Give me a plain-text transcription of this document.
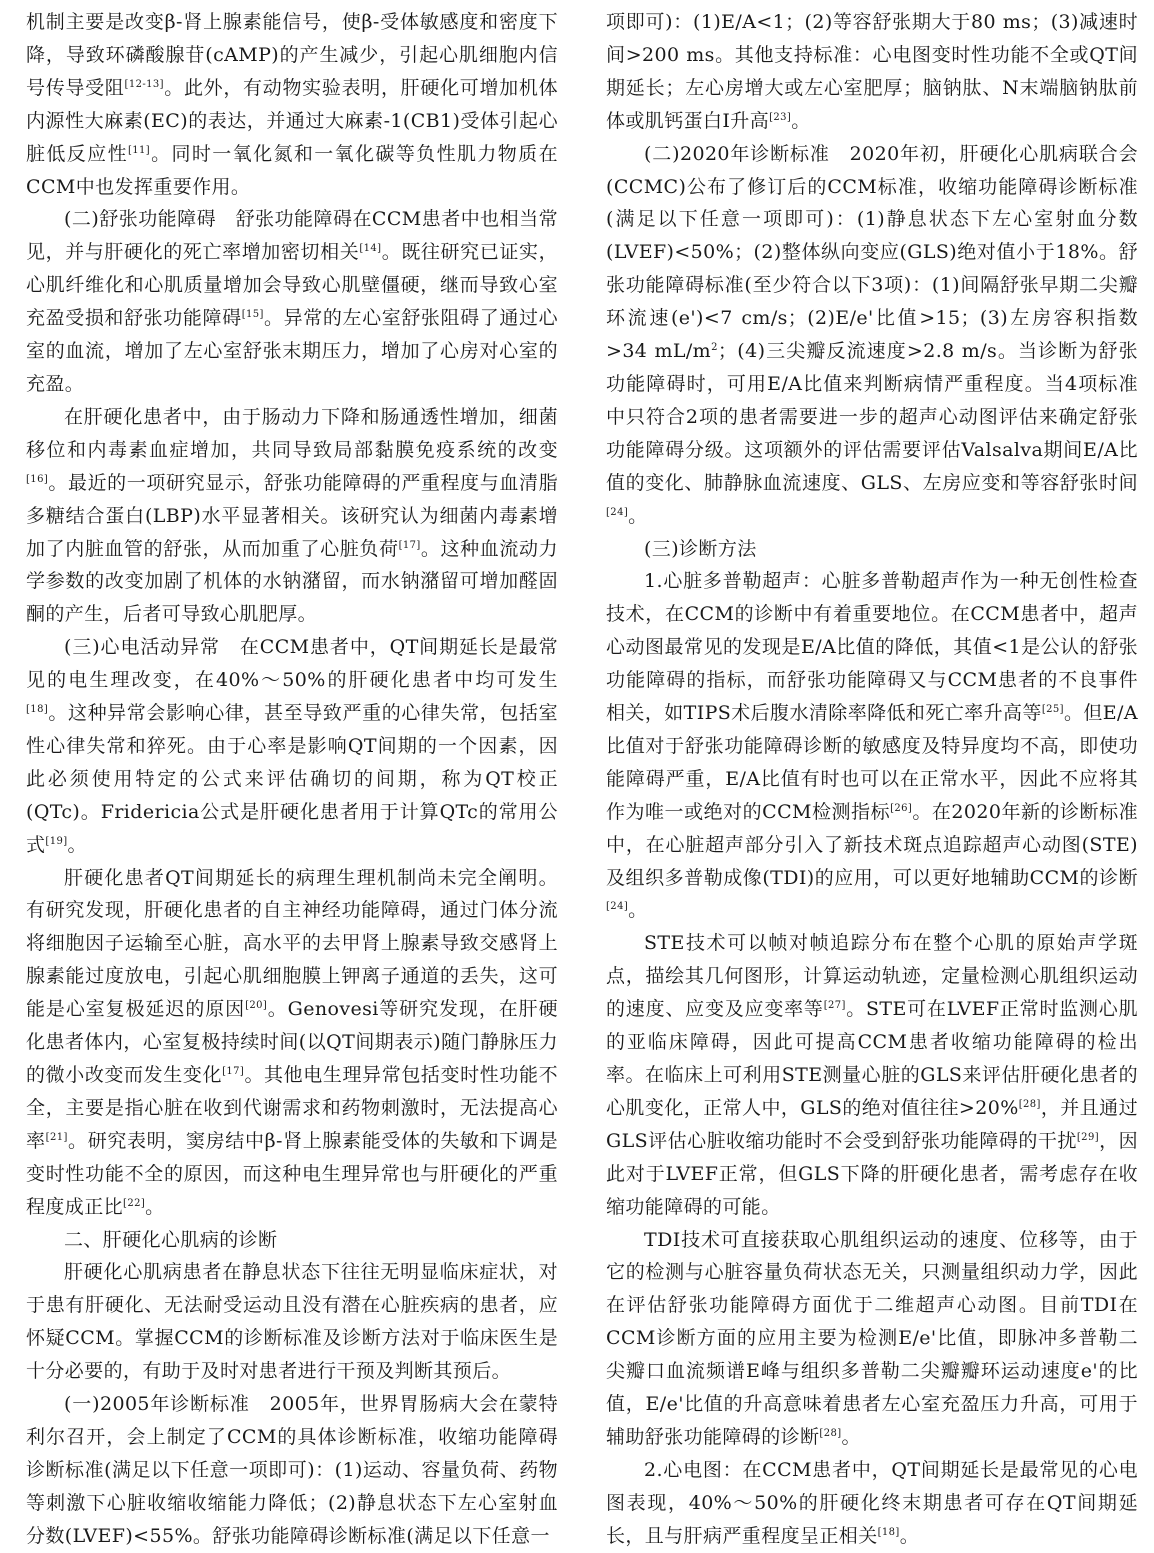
机制主要是改变β-肾上腺素能信号，使β-受体敏感度和密度下降，导致环磷酸腺苷(cAMP)的产生减少，引起心肌细胞内信号传导受阻[12-13]。此外，有动物实验表明，肝硬化可增加机体内源性大麻素(EC)的表达，并通过大麻素-1(CB1)受体引起心脏低反应性[11]。同时一氧化氮和一氧化碳等负性肌力物质在CCM中也发挥重要作用。

(二)舒张功能障碍　舒张功能障碍在CCM患者中也相当常见，并与肝硬化的死亡率增加密切相关[14]。既往研究已证实，心肌纤维化和心肌质量增加会导致心肌壁僵硬，继而导致心室充盈受损和舒张功能障碍[15]。异常的左心室舒张阻碍了通过心室的血流，增加了左心室舒张末期压力，增加了心房对心室的充盈。

在肝硬化患者中，由于肠动力下降和肠通透性增加，细菌移位和内毒素血症增加，共同导致局部黏膜免疫系统的改变[16]。最近的一项研究显示，舒张功能障碍的严重程度与血清脂多糖结合蛋白(LBP)水平显著相关。该研究认为细菌内毒素增加了内脏血管的舒张，从而加重了心脏负荷[17]。这种血流动力学参数的改变加剧了机体的水钠潴留，而水钠潴留可增加醛固酮的产生，后者可导致心肌肥厚。

(三)心电活动异常　在CCM患者中，QT间期延长是最常见的电生理改变，在40%～50%的肝硬化患者中均可发生[18]。这种异常会影响心律，甚至导致严重的心律失常，包括室性心律失常和猝死。由于心率是影响QT间期的一个因素，因此必须使用特定的公式来评估确切的间期，称为QT校正(QTc)。Fridericia公式是肝硬化患者用于计算QTc的常用公式[19]。

肝硬化患者QT间期延长的病理生理机制尚未完全阐明。有研究发现，肝硬化患者的自主神经功能障碍，通过门体分流将细胞因子运输至心脏，高水平的去甲肾上腺素导致交感肾上腺素能过度放电，引起心肌细胞膜上钾离子通道的丢失，这可能是心室复极延迟的原因[20]。Genovesi等研究发现，在肝硬化患者体内，心室复极持续时间(以QT间期表示)随门静脉压力的微小改变而发生变化[17]。其他电生理异常包括变时性功能不全，主要是指心脏在收到代谢需求和药物刺激时，无法提高心率[21]。研究表明，窦房结中β-肾上腺素能受体的失敏和下调是变时性功能不全的原因，而这种电生理异常也与肝硬化的严重程度成正比[22]。

二、肝硬化心肌病的诊断

肝硬化心肌病患者在静息状态下往往无明显临床症状，对于患有肝硬化、无法耐受运动且没有潜在心脏疾病的患者，应怀疑CCM。掌握CCM的诊断标准及诊断方法对于临床医生是十分必要的，有助于及时对患者进行干预及判断其预后。

(一)2005年诊断标准　2005年，世界胃肠病大会在蒙特利尔召开，会上制定了CCM的具体诊断标准，收缩功能障碍诊断标准(满足以下任意一项即可)：(1)运动、容量负荷、药物等刺激下心脏收缩收缩能力降低；(2)静息状态下左心室射血分数(LVEF)<55%。舒张功能障碍诊断标准(满足以下任意一

项即可)：(1)E/A<1；(2)等容舒张期大于80 ms；(3)减速时间>200 ms。其他支持标准：心电图变时性功能不全或QT间期延长；左心房增大或左心室肥厚；脑钠肽、N末端脑钠肽前体或肌钙蛋白I升高[23]。

(二)2020年诊断标准　2020年初，肝硬化心肌病联合会(CCMC)公布了修订后的CCM标准，收缩功能障碍诊断标准(满足以下任意一项即可)：(1)静息状态下左心室射血分数(LVEF)<50%；(2)整体纵向变应(GLS)绝对值小于18%。舒张功能障碍标准(至少符合以下3项)：(1)间隔舒张早期二尖瓣环流速(e')<7 cm/s；(2)E/e'比值>15；(3)左房容积指数>34 $mL/m^2$；(4)三尖瓣反流速度>2.8 m/s。当诊断为舒张功能障碍时，可用E/A比值来判断病情严重程度。当4项标准中只符合2项的患者需要进一步的超声心动图评估来确定舒张功能障碍分级。这项额外的评估需要评估Valsalva期间E/A比值的变化、肺静脉血流速度、GLS、左房应变和等容舒张时间[24]。

(三)诊断方法

1.心脏多普勒超声：心脏多普勒超声作为一种无创性检查技术，在CCM的诊断中有着重要地位。在CCM患者中，超声心动图最常见的发现是E/A比值的降低，其值<1是公认的舒张功能障碍的指标，而舒张功能障碍又与CCM患者的不良事件相关，如TIPS术后腹水清除率降低和死亡率升高等[25]。但E/A比值对于舒张功能障碍诊断的敏感度及特异度均不高，即使功能障碍严重，E/A比值有时也可以在正常水平，因此不应将其作为唯一或绝对的CCM检测指标[26]。在2020年新的诊断标准中，在心脏超声部分引入了新技术斑点追踪超声心动图(STE)及组织多普勒成像(TDI)的应用，可以更好地辅助CCM的诊断[24]。

STE技术可以帧对帧追踪分布在整个心肌的原始声学斑点，描绘其几何图形，计算运动轨迹，定量检测心肌组织运动的速度、应变及应变率等[27]。STE可在LVEF正常时监测心肌的亚临床障碍，因此可提高CCM患者收缩功能障碍的检出率。在临床上可利用STE测量心脏的GLS来评估肝硬化患者的心肌变化，正常人中，GLS的绝对值往往>20%[28]，并且通过GLS评估心脏收缩功能时不会受到舒张功能障碍的干扰[29]，因此对于LVEF正常，但GLS下降的肝硬化患者，需考虑存在收缩功能障碍的可能。

TDI技术可直接获取心肌组织运动的速度、位移等，由于它的检测与心脏容量负荷状态无关，只测量组织动力学，因此在评估舒张功能障碍方面优于二维超声心动图。目前TDI在CCM诊断方面的应用主要为检测E/e'比值，即脉冲多普勒二尖瓣口血流频谱E峰与组织多普勒二尖瓣瓣环运动速度e'的比值，E/e'比值的升高意味着患者左心室充盈压力升高，可用于辅助舒张功能障碍的诊断[28]。

2.心电图：在CCM患者中，QT间期延长是最常见的心电图表现，40%～50%的肝硬化终末期患者可存在QT间期延长，且与肝病严重程度呈正相关[18]。
